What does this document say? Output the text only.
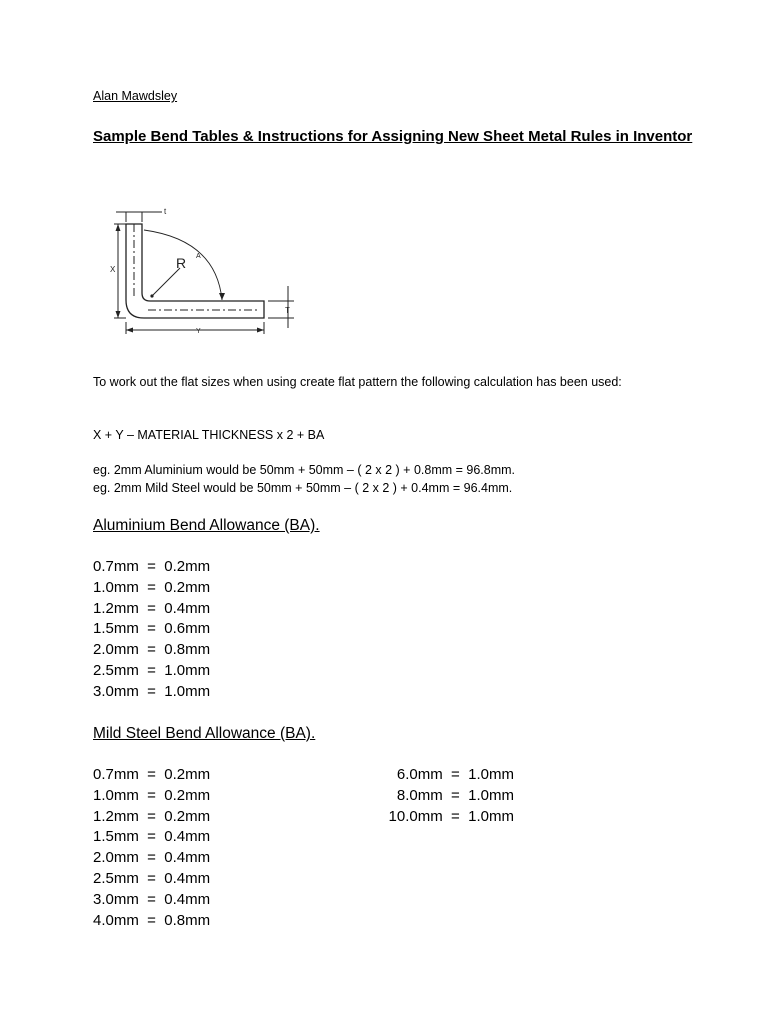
Alan Mawdsley
Sample Bend Tables & Instructions for Assigning New Sheet Metal Rules in Inventor
t
X	R A
Y
T
To work out the flat sizes when using create flat pattern the following calculation has been used:
X + Y – MATERIAL THICKNESS x 2 + BA
eg. 2mm Aluminium would be 50mm + 50mm – ( 2 x 2 ) + 0.8mm = 96.8mm.
eg. 2mm Mild Steel would be 50mm + 50mm – ( 2 x 2 ) + 0.4mm = 96.4mm.
Aluminium Bend Allowance (BA).
0.7mm  =  0.2mm
1.0mm  =  0.2mm
1.2mm  =  0.4mm
1.5mm  =  0.6mm
2.0mm  =  0.8mm
2.5mm  =  1.0mm
3.0mm  =  1.0mm
Mild Steel Bend Allowance (BA).
0.7mm  =  0.2mm
1.0mm  =  0.2mm
1.2mm  =  0.2mm
1.5mm  =  0.4mm
2.0mm  =  0.4mm
2.5mm  =  0.4mm
3.0mm  =  0.4mm
4.0mm  =  0.8mm
6.0mm  =  1.0mm
8.0mm  =  1.0mm
10.0mm  =  1.0mm
